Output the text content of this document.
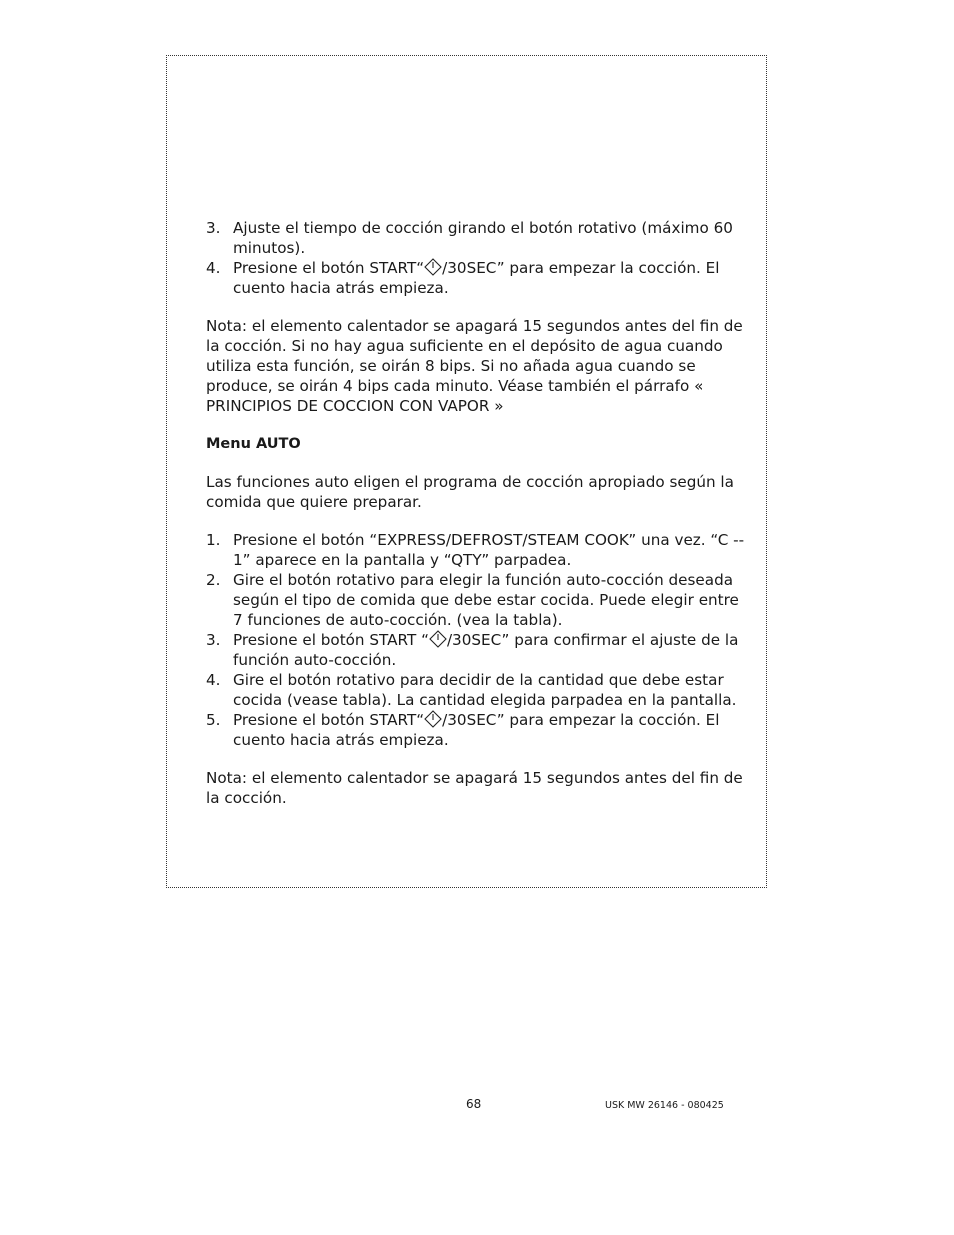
3. Ajuste el tiempo de cocción girando el botón rotativo (máximo 60 minutos).
4. Presione el botón START“ /30SEC” para empezar la cocción. El cuento hacia atrás empieza.

Nota: el elemento calentador se apagará 15 segundos antes del fin de la cocción. Si no hay agua suficiente en el depósito de agua cuando utiliza esta función, se oirán 8 bips. Si no añada agua cuando se produce, se oirán 4 bips cada minuto. Véase también el párrafo « PRINCIPIOS DE COCCION CON VAPOR »

Menu AUTO

Las funciones auto eligen el programa de cocción apropiado según la comida que quiere preparar.

1. Presione el botón “EXPRESS/DEFROST/STEAM COOK” una vez. “C -- 1” aparece en la pantalla y “QTY” parpadea.
2. Gire el botón rotativo para elegir la función auto-cocción deseada según el tipo de comida que debe estar cocida. Puede elegir entre 7 funciones de auto-cocción. (vea la tabla).
3. Presione el botón START “ /30SEC” para confirmar el ajuste de la función auto-cocción.
4. Gire el botón rotativo para decidir de la cantidad que debe estar cocida (vease tabla). La cantidad elegida parpadea en la pantalla.
5. Presione el botón START“ /30SEC” para empezar la cocción. El cuento hacia atrás empieza.

Nota: el elemento calentador se apagará 15 segundos antes del fin de la cocción.

68	USK MW 26146 - 080425
